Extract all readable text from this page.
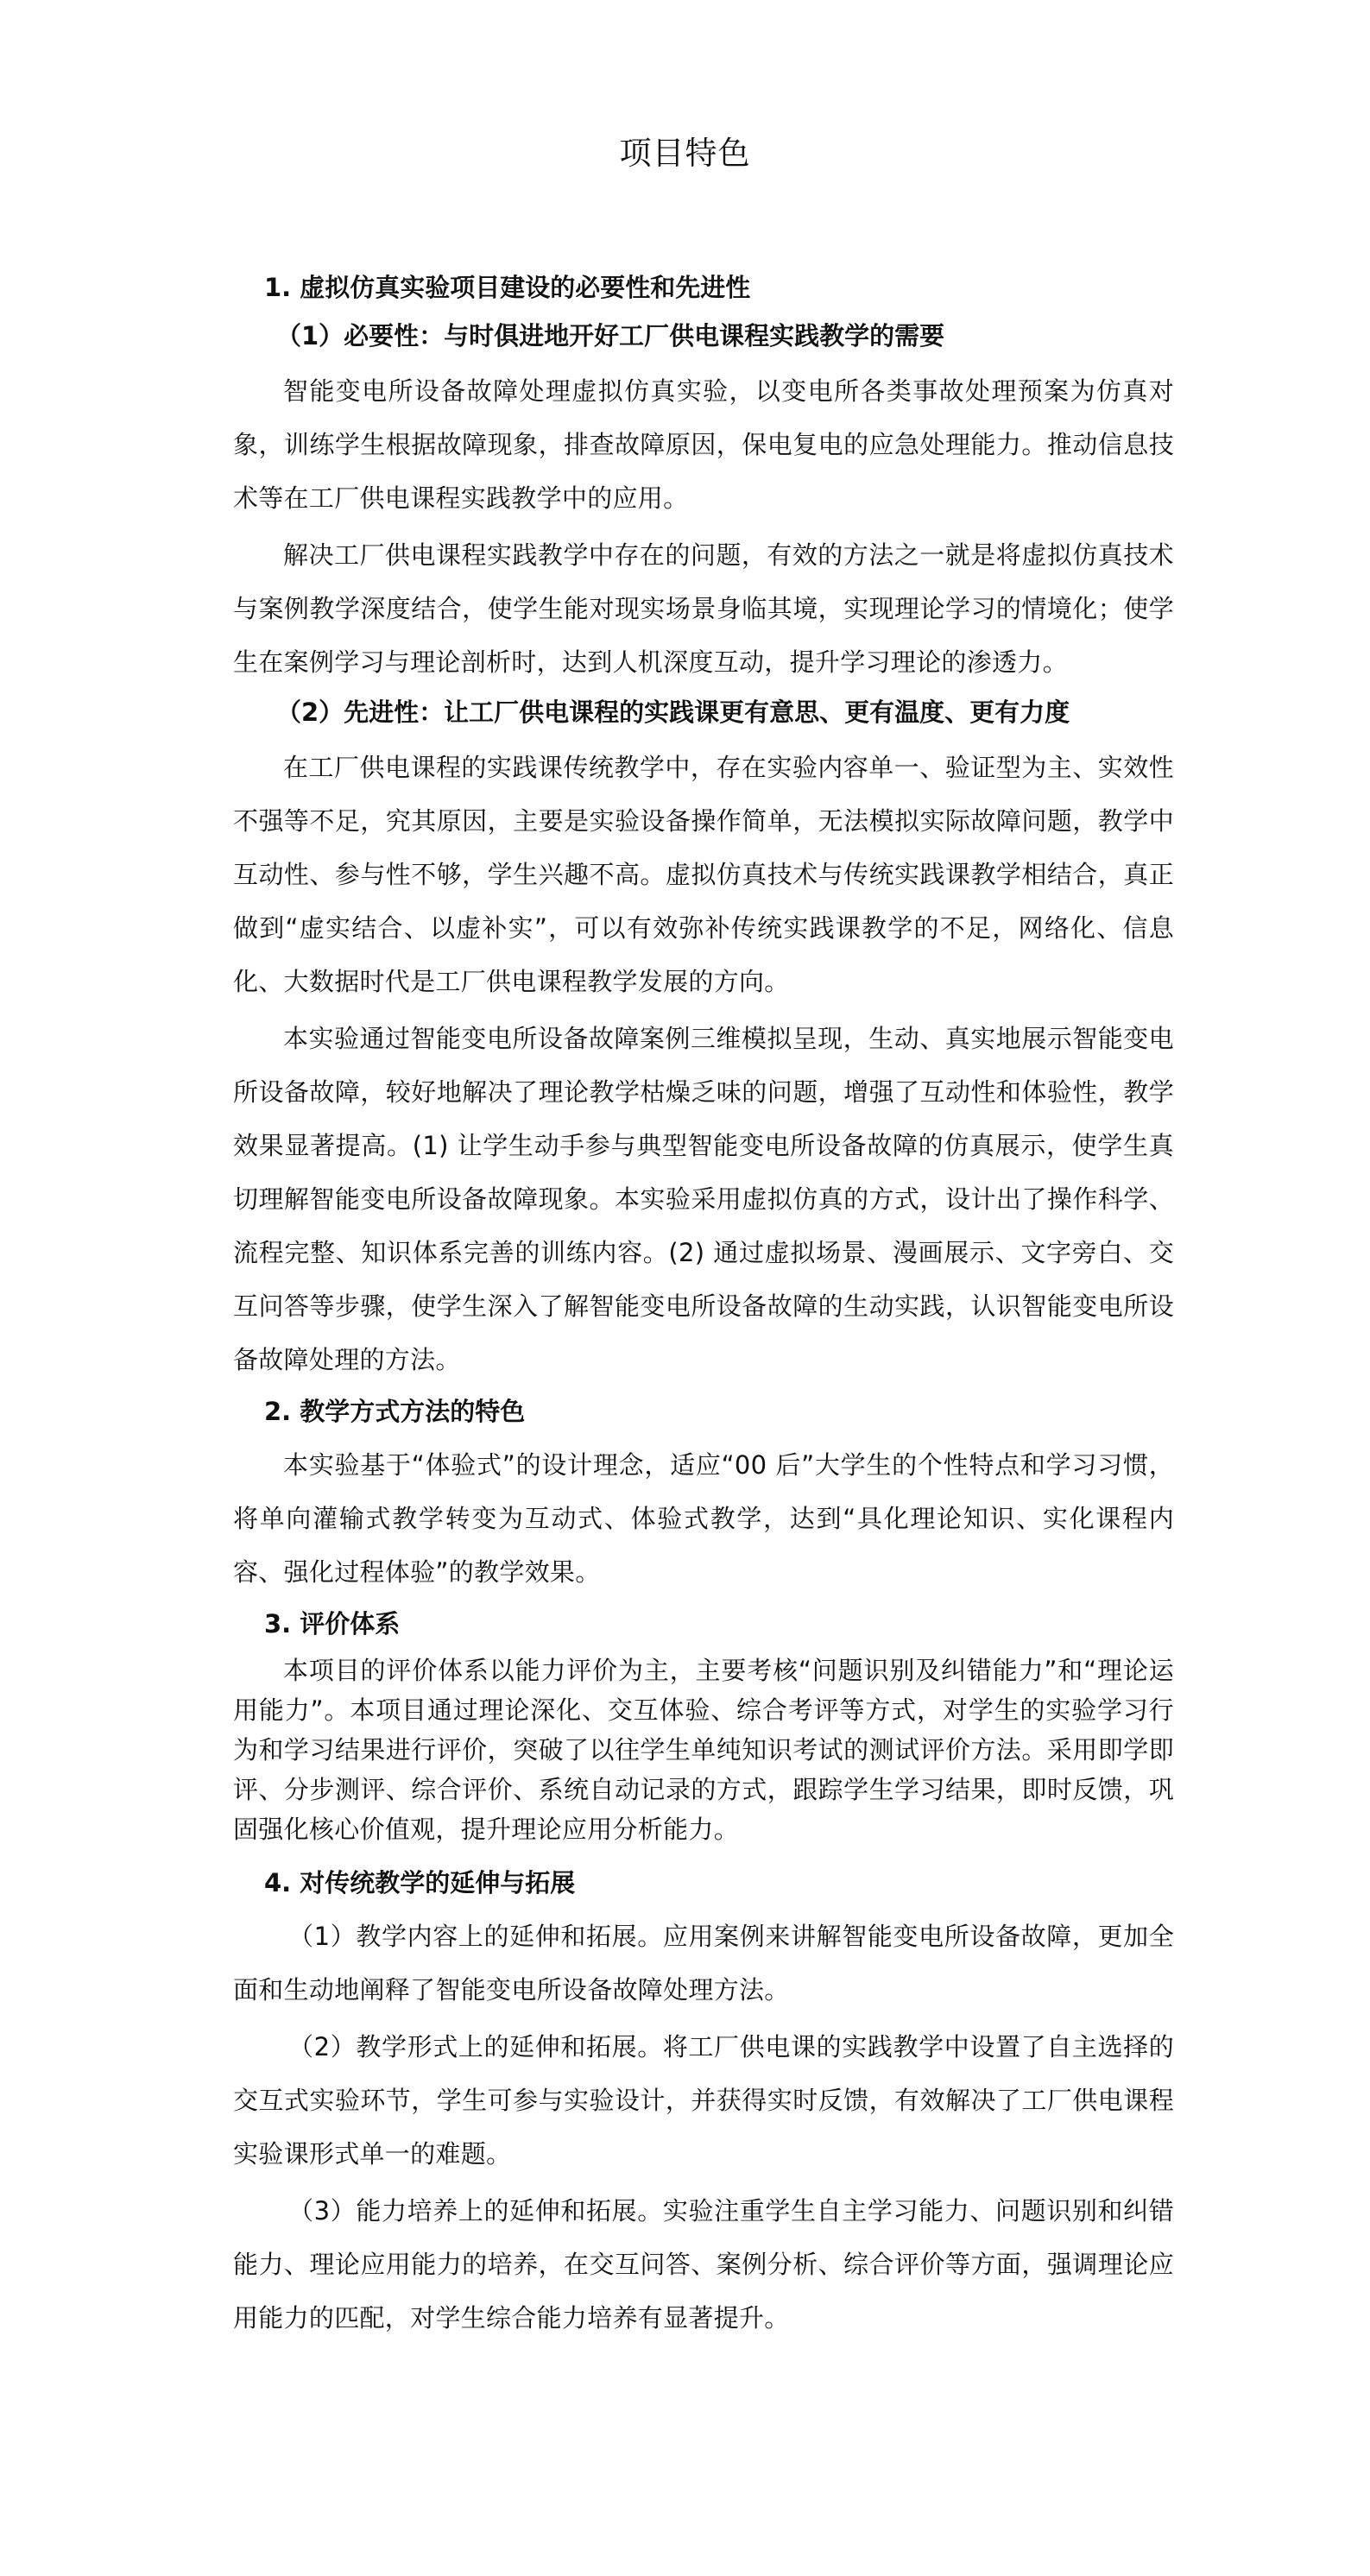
项目特色
1. 虚拟仿真实验项目建设的必要性和先进性
（1）必要性：与时俱进地开好工厂供电课程实践教学的需要
智能变电所设备故障处理虚拟仿真实验，以变电所各类事故处理预案为仿真对象，训练学生根据故障现象，排查故障原因，保电复电的应急处理能力。推动信息技术等在工厂供电课程实践教学中的应用。
解决工厂供电课程实践教学中存在的问题，有效的方法之一就是将虚拟仿真技术与案例教学深度结合，使学生能对现实场景身临其境，实现理论学习的情境化；使学生在案例学习与理论剖析时，达到人机深度互动，提升学习理论的渗透力。
（2）先进性：让工厂供电课程的实践课更有意思、更有温度、更有力度
在工厂供电课程的实践课传统教学中，存在实验内容单一、验证型为主、实效性不强等不足，究其原因，主要是实验设备操作简单，无法模拟实际故障问题，教学中互动性、参与性不够，学生兴趣不高。虚拟仿真技术与传统实践课教学相结合，真正做到“虚实结合、以虚补实”，可以有效弥补传统实践课教学的不足，网络化、信息化、大数据时代是工厂供电课程教学发展的方向。
本实验通过智能变电所设备故障案例三维模拟呈现，生动、真实地展示智能变电所设备故障，较好地解决了理论教学枯燥乏味的问题，增强了互动性和体验性，教学效果显著提高。(1) 让学生动手参与典型智能变电所设备故障的仿真展示，使学生真切理解智能变电所设备故障现象。本实验采用虚拟仿真的方式，设计出了操作科学、流程完整、知识体系完善的训练内容。(2) 通过虚拟场景、漫画展示、文字旁白、交互问答等步骤，使学生深入了解智能变电所设备故障的生动实践，认识智能变电所设备故障处理的方法。
2. 教学方式方法的特色
本实验基于“体验式”的设计理念，适应“00 后”大学生的个性特点和学习习惯，将单向灌输式教学转变为互动式、体验式教学，达到“具化理论知识、实化课程内容、强化过程体验”的教学效果。
3. 评价体系
本项目的评价体系以能力评价为主，主要考核“问题识别及纠错能力”和“理论运用能力”。本项目通过理论深化、交互体验、综合考评等方式，对学生的实验学习行为和学习结果进行评价，突破了以往学生单纯知识考试的测试评价方法。采用即学即评、分步测评、综合评价、系统自动记录的方式，跟踪学生学习结果，即时反馈，巩固强化核心价值观，提升理论应用分析能力。
4. 对传统教学的延伸与拓展
（1）教学内容上的延伸和拓展。应用案例来讲解智能变电所设备故障，更加全面和生动地阐释了智能变电所设备故障处理方法。
（2）教学形式上的延伸和拓展。将工厂供电课的实践教学中设置了自主选择的交互式实验环节，学生可参与实验设计，并获得实时反馈，有效解决了工厂供电课程实验课形式单一的难题。
（3）能力培养上的延伸和拓展。实验注重学生自主学习能力、问题识别和纠错能力、理论应用能力的培养，在交互问答、案例分析、综合评价等方面，强调理论应用能力的匹配，对学生综合能力培养有显著提升。
